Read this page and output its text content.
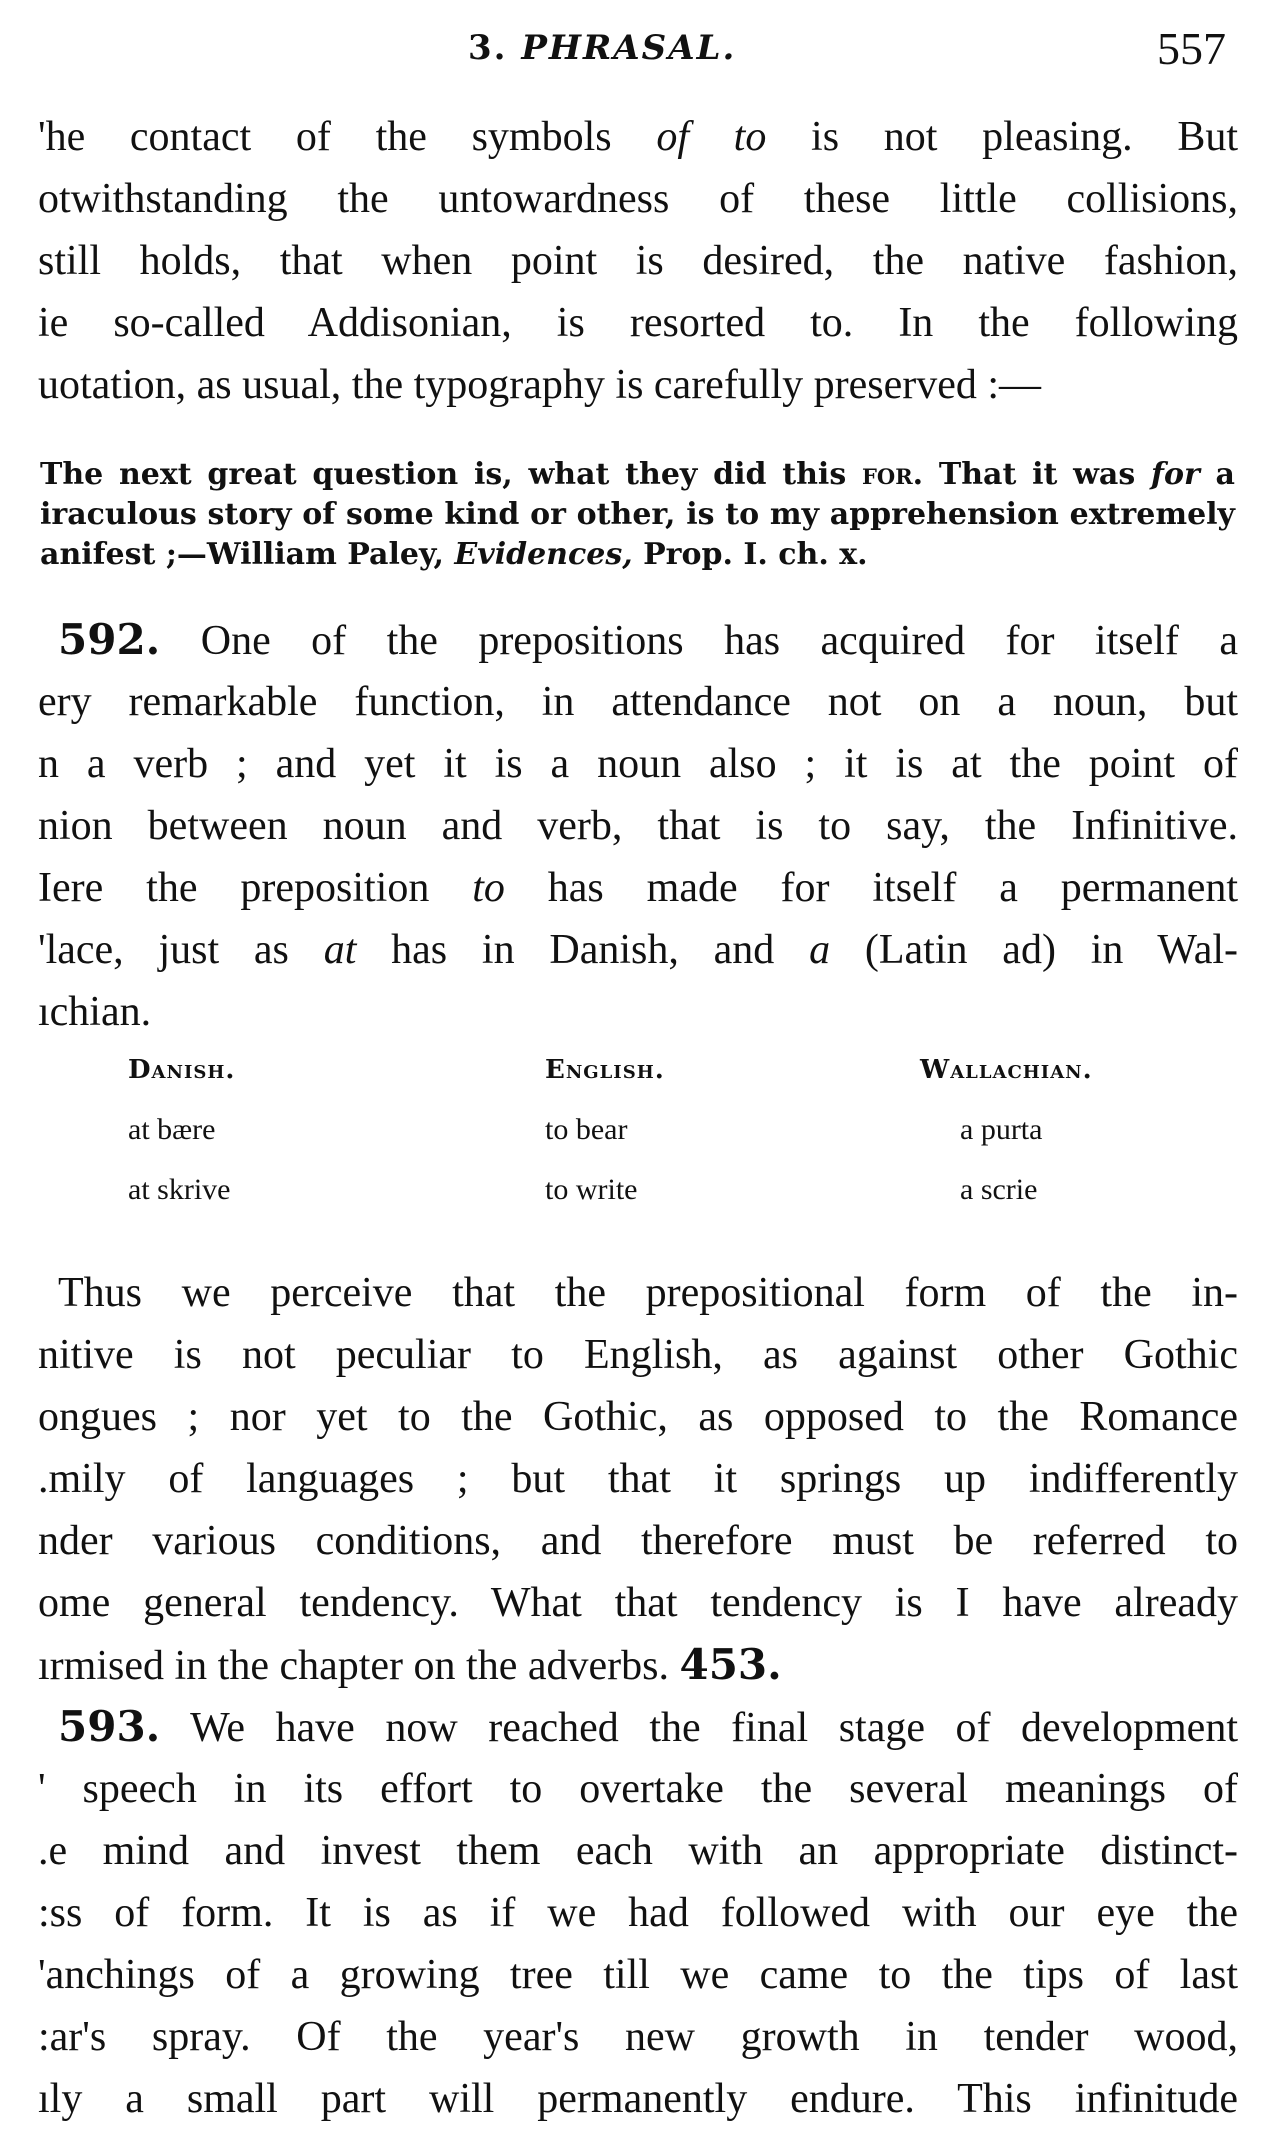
3. PHRASAL.	557
'he contact of the symbols of to is not pleasing. But
otwithstanding the untowardness of these little collisions,
still holds, that when point is desired, the native fashion,
ie so-called Addisonian, is resorted to. In the following
uotation, as usual, the typography is carefully preserved :—
The next great question is, what they did this for. That it was for a
iraculous story of some kind or other, is to my apprehension extremely
anifest ;—William Paley, Evidences, Prop. I. ch. x.
592. One of the prepositions has acquired for itself a
ery remarkable function, in attendance not on a noun, but
n a verb ; and yet it is a noun also ; it is at the point of
nion between noun and verb, that is to say, the Infinitive.
Iere the preposition to has made for itself a permanent
'lace, just as at has in Danish, and a (Latin ad) in Wal-
ıchian.
Danish.
at bære
at skrive
English.
to bear
to write
Wallachian.
a purta
a scrie
Thus we perceive that the prepositional form of the in-
nitive is not peculiar to English, as against other Gothic
ongues ; nor yet to the Gothic, as opposed to the Romance
.mily of languages ; but that it springs up indifferently
nder various conditions, and therefore must be referred to
ome general tendency. What that tendency is I have already
ırmised in the chapter on the adverbs. 453.
593. We have now reached the final stage of development
' speech in its effort to overtake the several meanings of
.e mind and invest them each with an appropriate distinct-
:ss of form. It is as if we had followed with our eye the
'anchings of a growing tree till we came to the tips of last
:ar's spray. Of the year's new growth in tender wood,
ıly a small part will permanently endure. This infinitude
